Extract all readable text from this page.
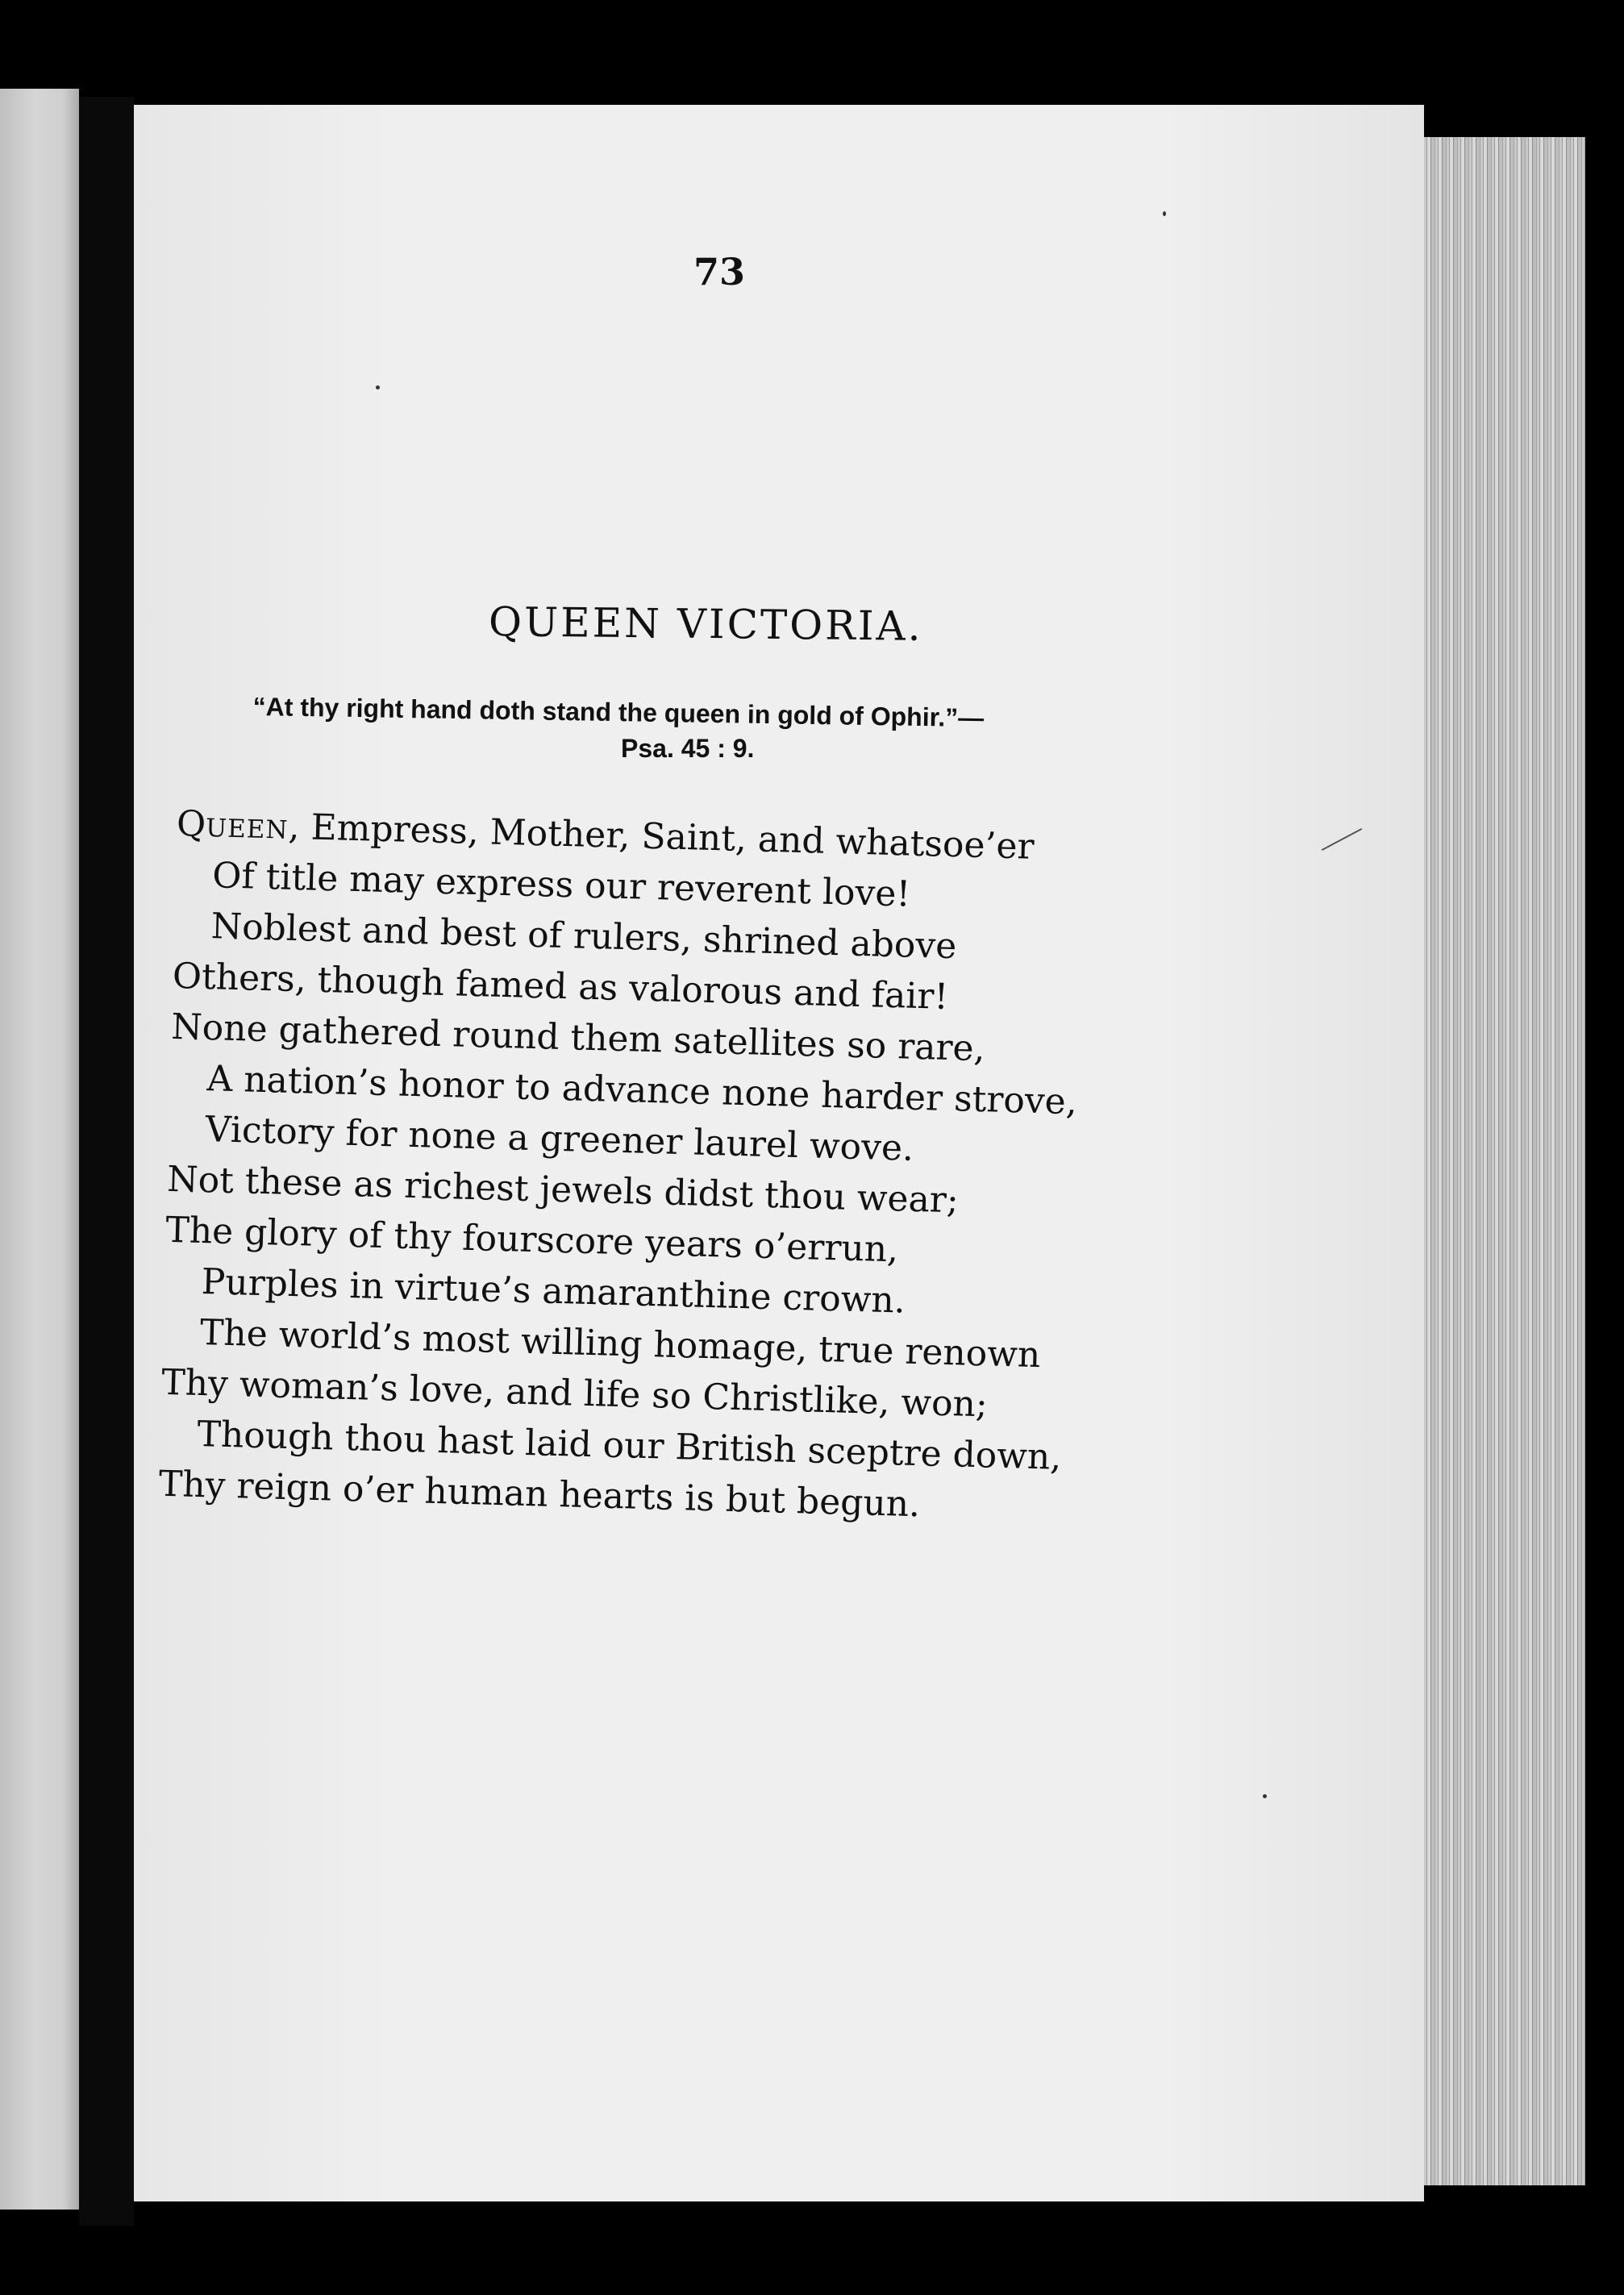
73
QUEEN VICTORIA.
“At thy right hand doth stand the queen in gold of Ophir.”—
Psa. 45 : 9.
Queen, Empress, Mother, Saint, and whatsoe’er
Of title may express our reverent love!
Noblest and best of rulers, shrined above
Others, though famed as valorous and fair!
None gathered round them satellites so rare,
A nation’s honor to advance none harder strove,
Victory for none a greener laurel wove.
Not these as richest jewels didst thou wear;
The glory of thy fourscore years o’errun,
Purples in virtue’s amaranthine crown.
The world’s most willing homage, true renown
Thy woman’s love, and life so Christlike, won;
Though thou hast laid our British sceptre down,
Thy reign o’er human hearts is but begun.
